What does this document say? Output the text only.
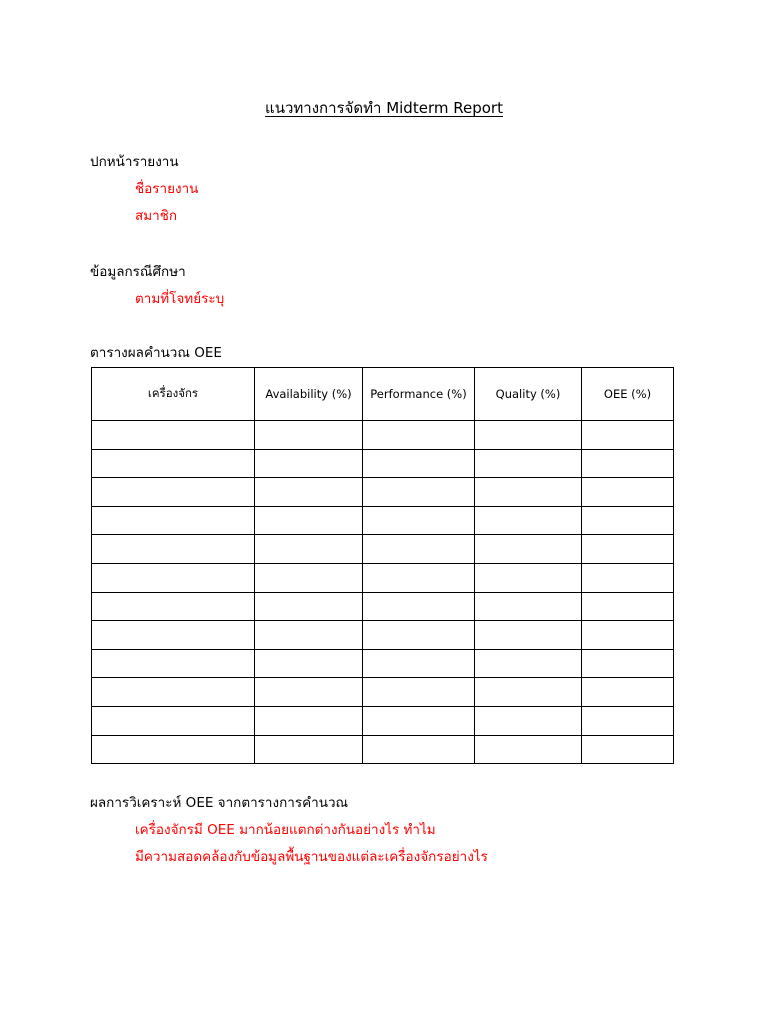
แนวทางการจัดทำ Midterm Report
ปกหน้ารายงาน
ชื่อรายงาน
สมาชิก
ข้อมูลกรณีศึกษา
ตามที่โจทย์ระบุ
ตารางผลคำนวณ OEE
เครื่องจักร	Availability (%)	Performance (%)	Quality (%)	OEE (%)

ผลการวิเคราะห์ OEE จากตารางการคำนวณ
เครื่องจักรมี OEE มากน้อยแตกต่างกันอย่างไร ทำไม
มีความสอดคล้องกับข้อมูลพื้นฐานของแต่ละเครื่องจักรอย่างไร
